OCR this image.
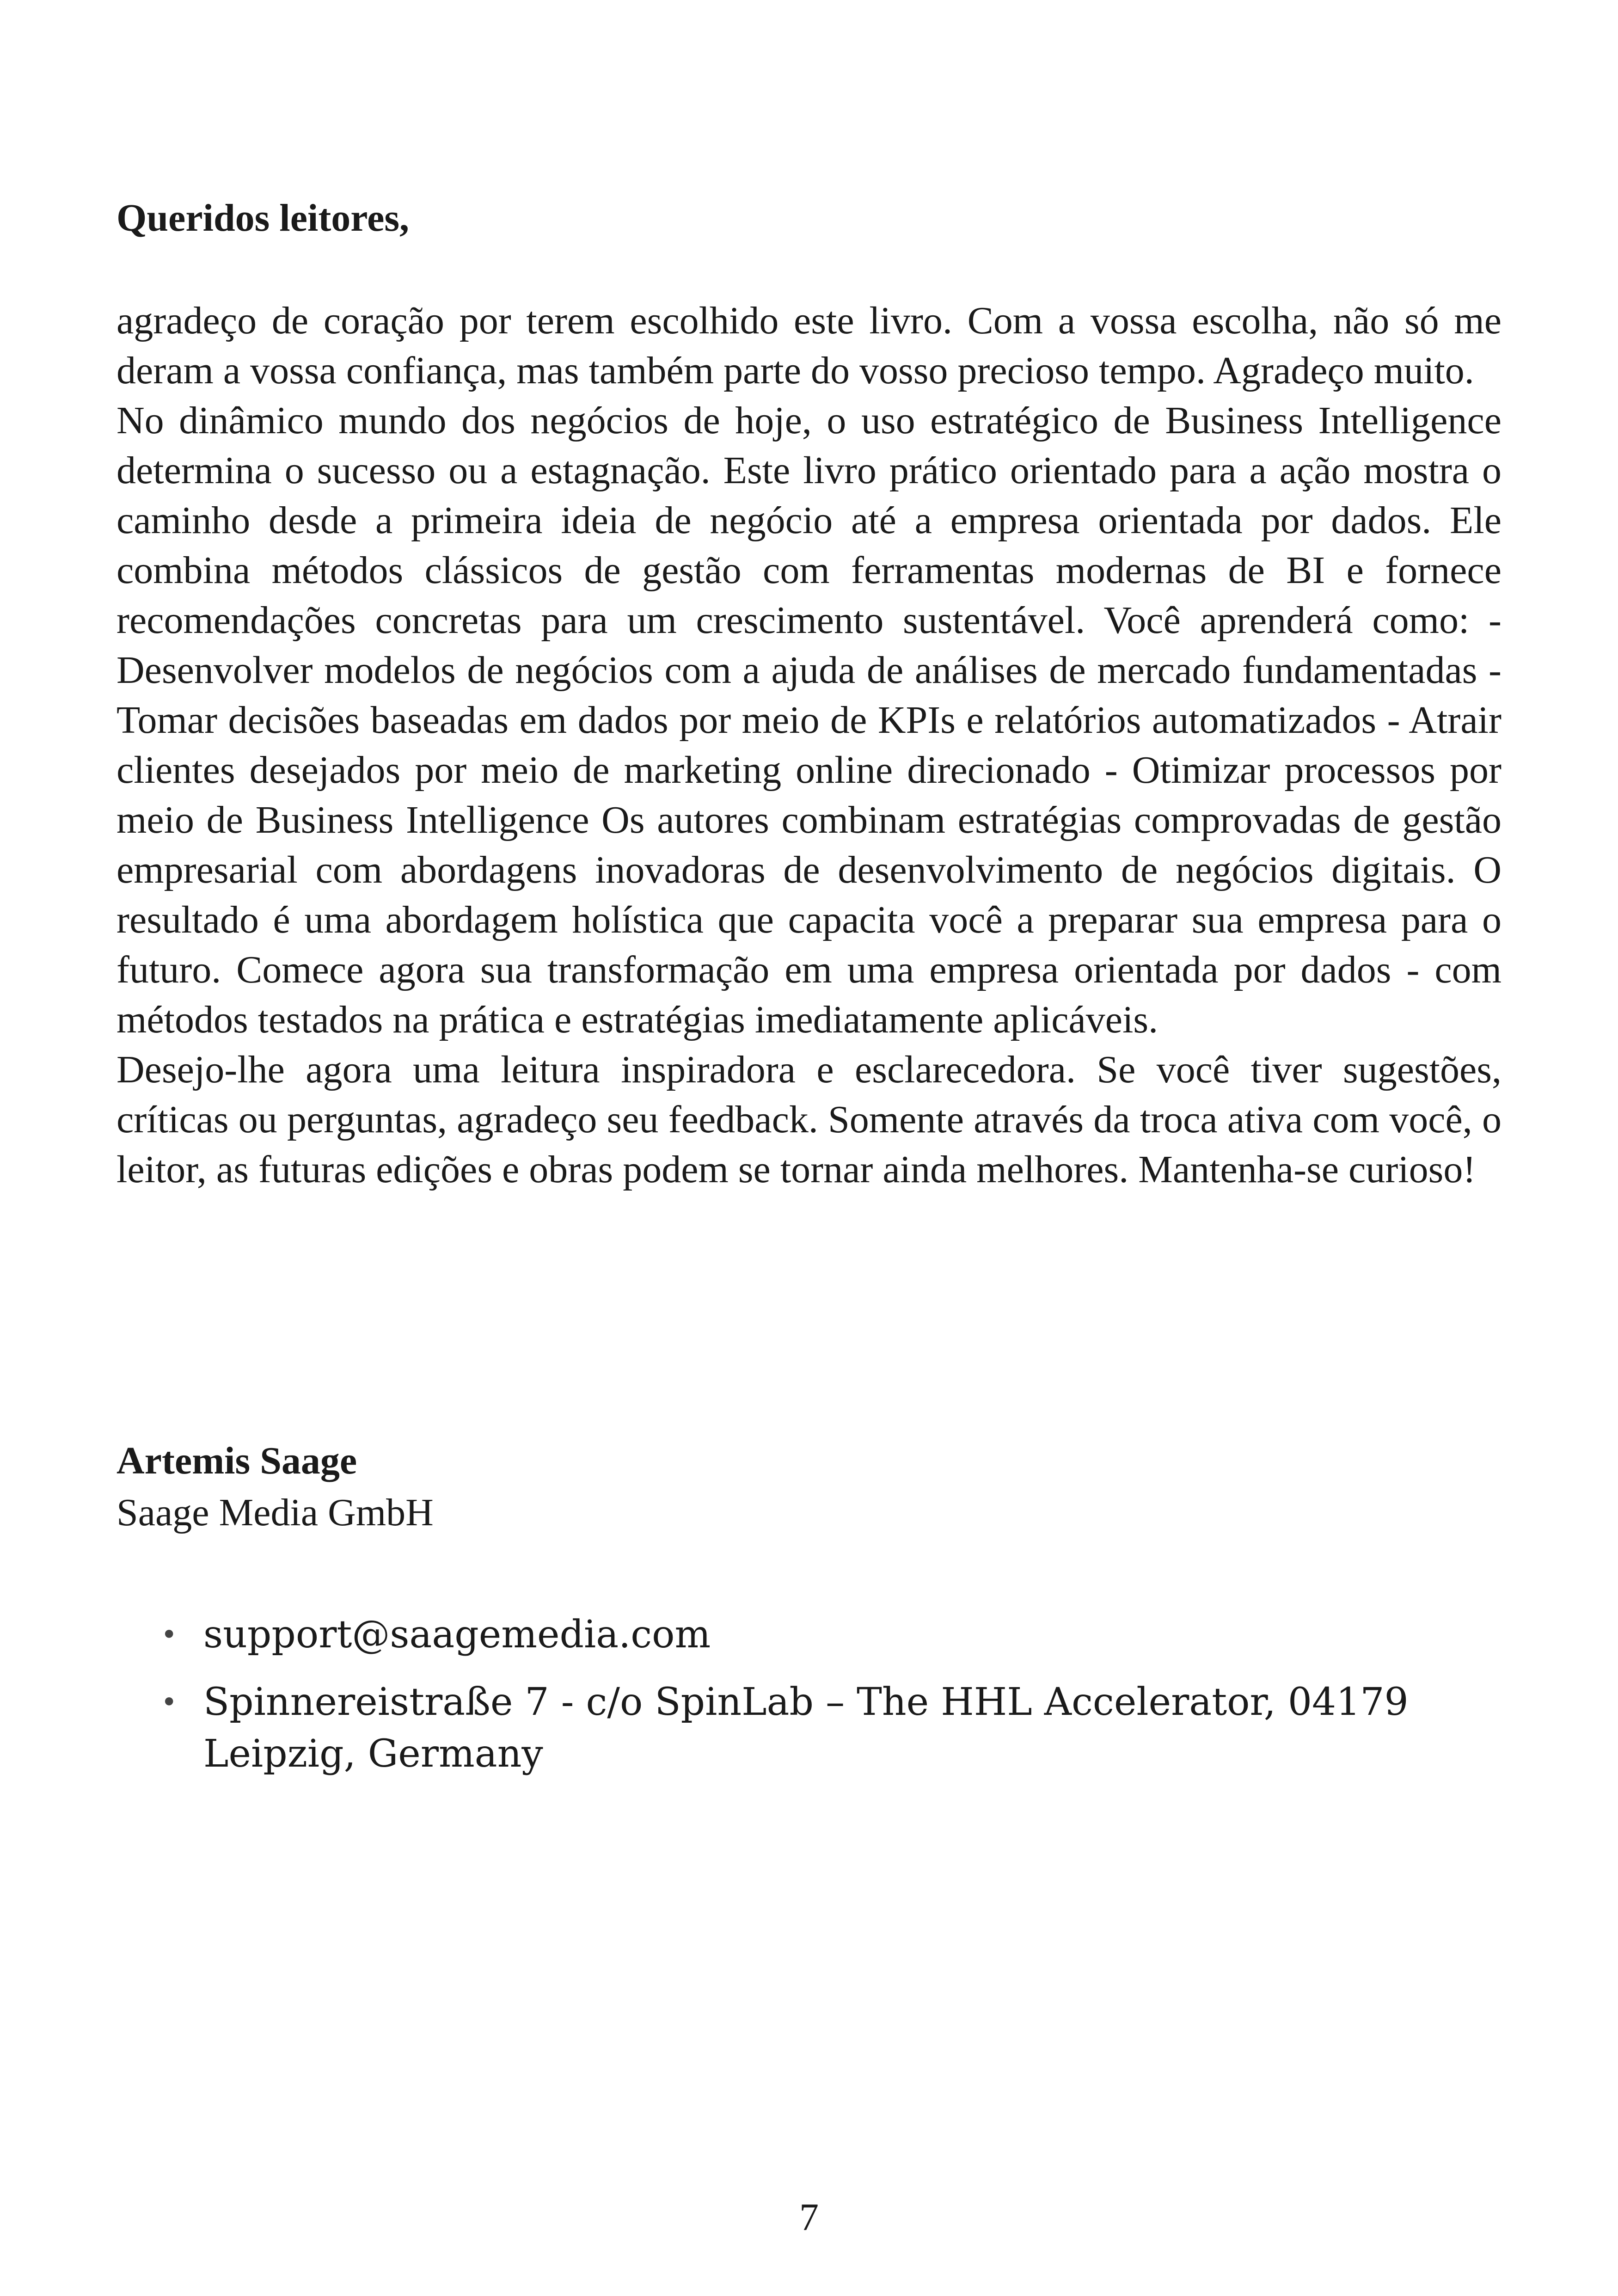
Queridos leitores,

agradeço de coração por terem escolhido este livro. Com a vossa escolha, não só me deram a vossa confiança, mas também parte do vosso precioso tempo. Agradeço muito.

No dinâmico mundo dos negócios de hoje, o uso estratégico de Business Intelligence determina o sucesso ou a estagnação. Este livro prático orientado para a ação mostra o caminho desde a primeira ideia de negócio até a empresa orientada por dados. Ele combina métodos clássicos de gestão com ferramentas modernas de BI e fornece recomendações concretas para um crescimento sustentável. Você aprenderá como: - Desenvolver modelos de negócios com a ajuda de análises de mercado fundamentadas - Tomar decisões baseadas em dados por meio de KPIs e relatórios automatizados - Atrair clientes desejados por meio de marketing online direcionado - Otimizar processos por meio de Business Intelligence Os autores combinam estratégias comprovadas de gestão empresarial com abordagens inovadoras de desenvolvimento de negócios digitais. O resultado é uma abordagem holística que capacita você a preparar sua empresa para o futuro. Comece agora sua transformação em uma empresa orientada por dados - com métodos testados na prática e estratégias imediatamente aplicáveis.

Desejo-lhe agora uma leitura inspiradora e esclarecedora. Se você tiver sugestões, críticas ou perguntas, agradeço seu feedback. Somente através da troca ativa com você, o leitor, as futuras edições e obras podem se tornar ainda melhores. Mantenha-se curioso!

Artemis Saage
Saage Media GmbH
• support@saagemedia.com
• Spinnereistraße 7 - c/o SpinLab – The HHL Accelerator, 04179 Leipzig, Germany

7
